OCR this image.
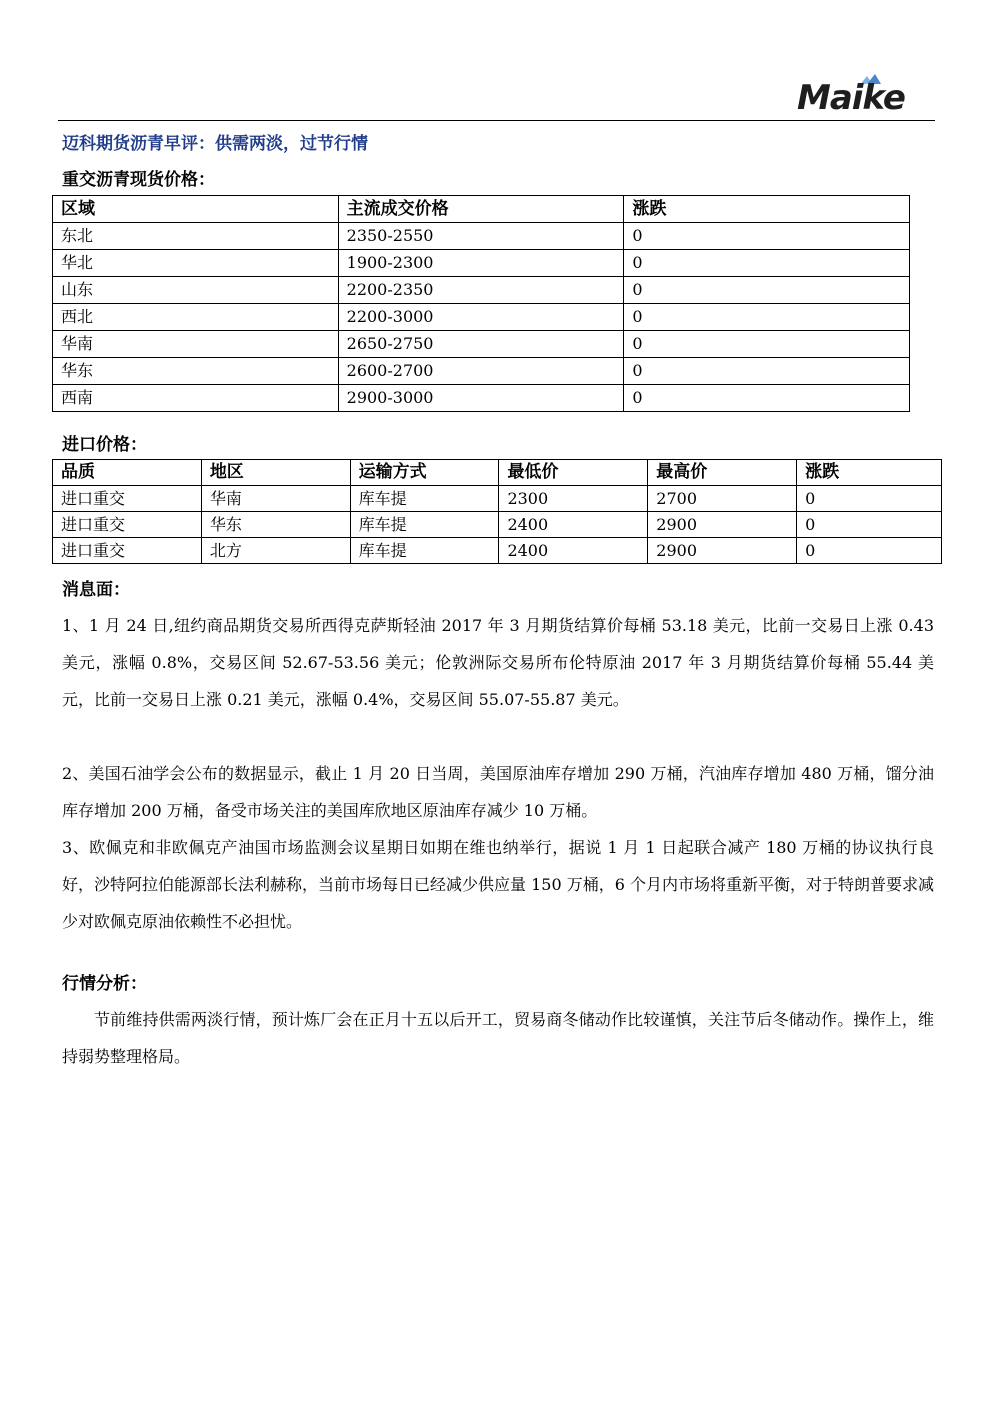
Maike
迈科期货沥青早评：供需两淡，过节行情
重交沥青现货价格：
区域	主流成交价格	涨跌
东北	2350-2550	0
华北	1900-2300	0
山东	2200-2350	0
西北	2200-3000	0
华南	2650-2750	0
华东	2600-2700	0
西南	2900-3000	0
进口价格：
品质	地区	运输方式	最低价	最高价	涨跌
进口重交	华南	库车提	2300	2700	0
进口重交	华东	库车提	2400	2900	0
进口重交	北方	库车提	2400	2900	0
消息面：
1、1 月 24 日,纽约商品期货交易所西得克萨斯轻油 2017 年 3 月期货结算价每桶 53.18 美元，比前一交易日上涨 0.43 美元，涨幅 0.8%，交易区间 52.67-53.56 美元；伦敦洲际交易所布伦特原油 2017 年 3 月期货结算价每桶 55.44 美元，比前一交易日上涨 0.21 美元，涨幅 0.4%，交易区间 55.07-55.87 美元。
2、美国石油学会公布的数据显示，截止 1 月 20 日当周，美国原油库存增加 290 万桶，汽油库存增加 480 万桶，馏分油库存增加 200 万桶，备受市场关注的美国库欣地区原油库存减少 10 万桶。
3、欧佩克和非欧佩克产油国市场监测会议星期日如期在维也纳举行，据说 1 月 1 日起联合减产 180 万桶的协议执行良好，沙特阿拉伯能源部长法利赫称，当前市场每日已经减少供应量 150 万桶，6 个月内市场将重新平衡，对于特朗普要求减少对欧佩克原油依赖性不必担忧。
行情分析：
节前维持供需两淡行情，预计炼厂会在正月十五以后开工，贸易商冬储动作比较谨慎，关注节后冬储动作。操作上，维持弱势整理格局。
